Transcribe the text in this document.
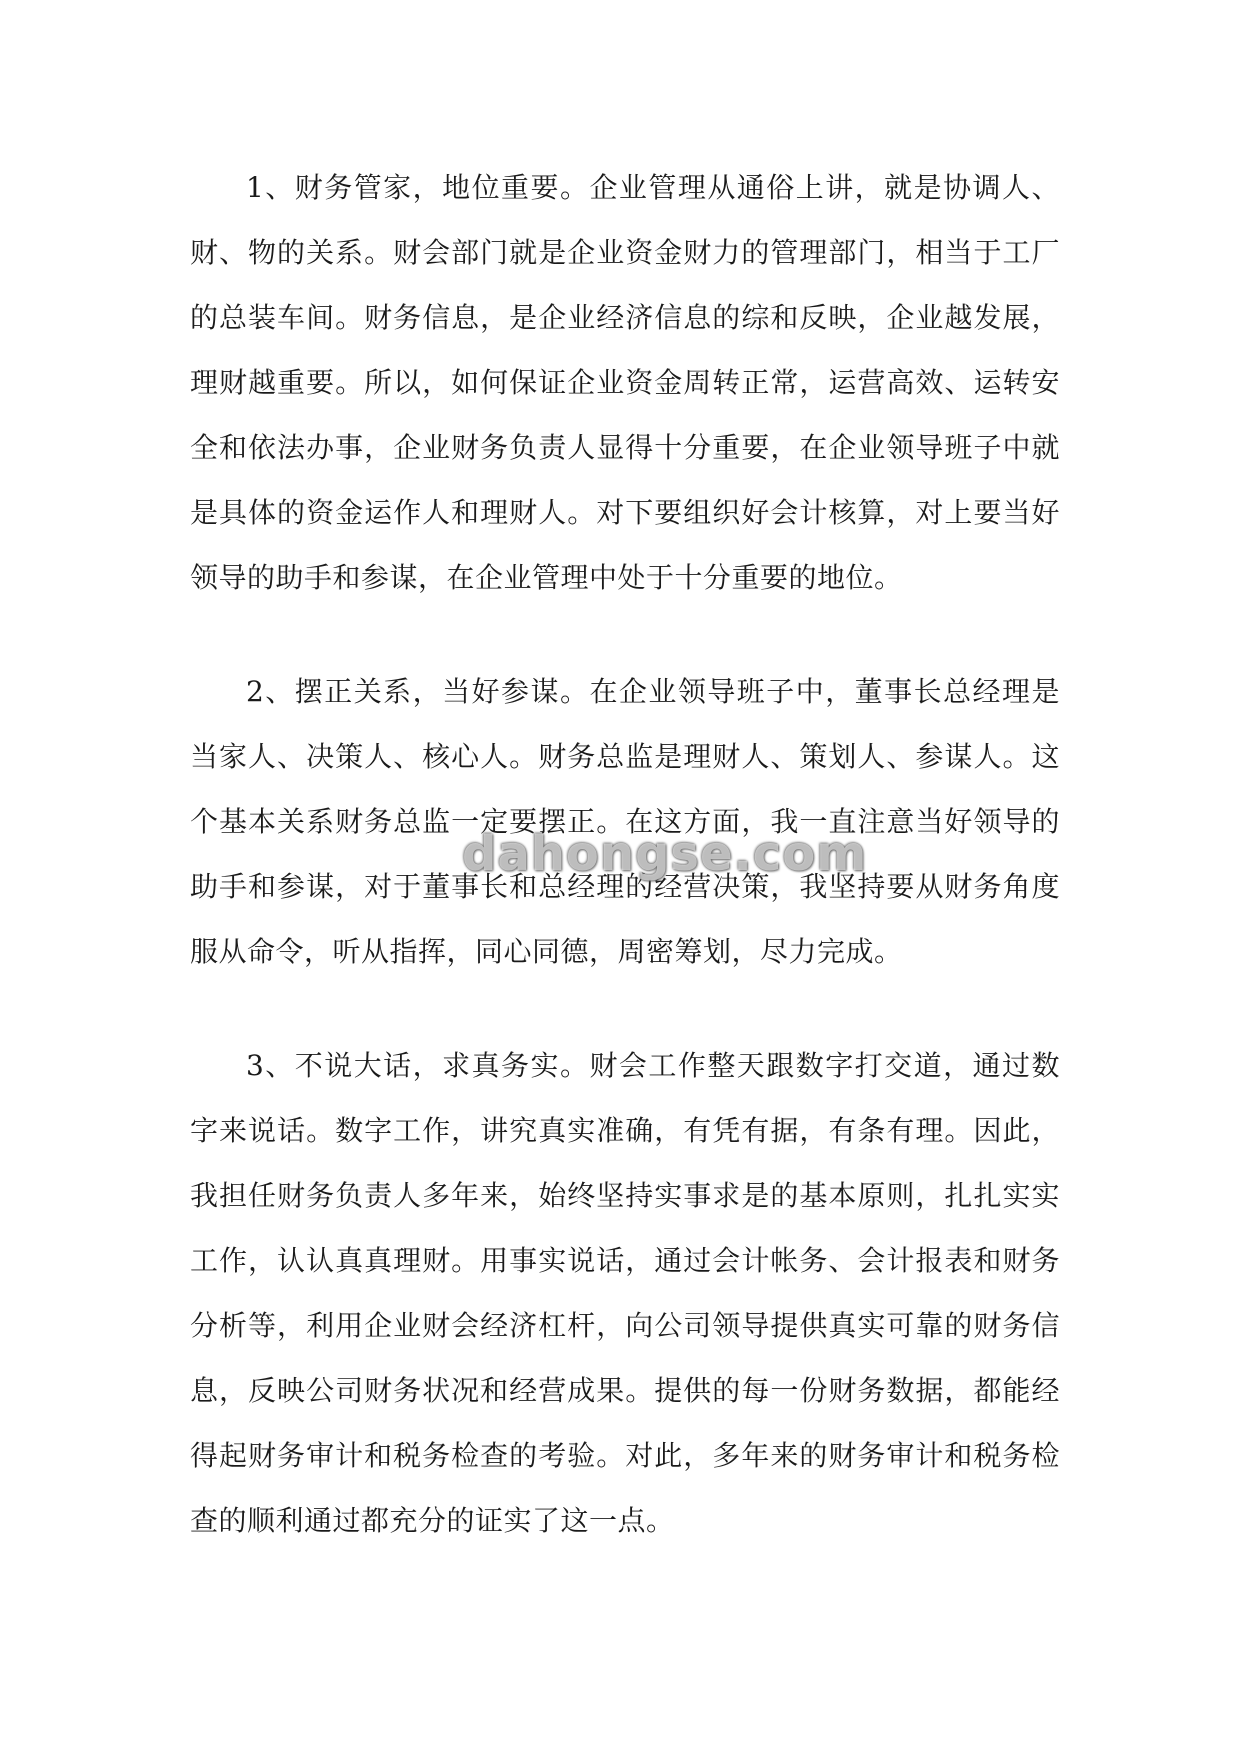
1、财务管家，地位重要。企业管理从通俗上讲，就是协调人、财、物的关系。财会部门就是企业资金财力的管理部门，相当于工厂的总装车间。财务信息，是企业经济信息的综和反映，企业越发展，理财越重要。所以，如何保证企业资金周转正常，运营高效、运转安全和依法办事，企业财务负责人显得十分重要，在企业领导班子中就是具体的资金运作人和理财人。对下要组织好会计核算，对上要当好领导的助手和参谋，在企业管理中处于十分重要的地位。

2、摆正关系，当好参谋。在企业领导班子中，董事长总经理是当家人、决策人、核心人。财务总监是理财人、策划人、参谋人。这个基本关系财务总监一定要摆正。在这方面，我一直注意当好领导的助手和参谋，对于董事长和总经理的经营决策，我坚持要从财务角度服从命令，听从指挥，同心同德，周密筹划，尽力完成。

3、不说大话，求真务实。财会工作整天跟数字打交道，通过数字来说话。数字工作，讲究真实准确，有凭有据，有条有理。因此，我担任财务负责人多年来，始终坚持实事求是的基本原则，扎扎实实工作，认认真真理财。用事实说话，通过会计帐务、会计报表和财务分析等，利用企业财会经济杠杆，向公司领导提供真实可靠的财务信息，反映公司财务状况和经营成果。提供的每一份财务数据，都能经得起财务审计和税务检查的考验。对此，多年来的财务审计和税务检查的顺利通过都充分的证实了这一点。

dahongse.com
